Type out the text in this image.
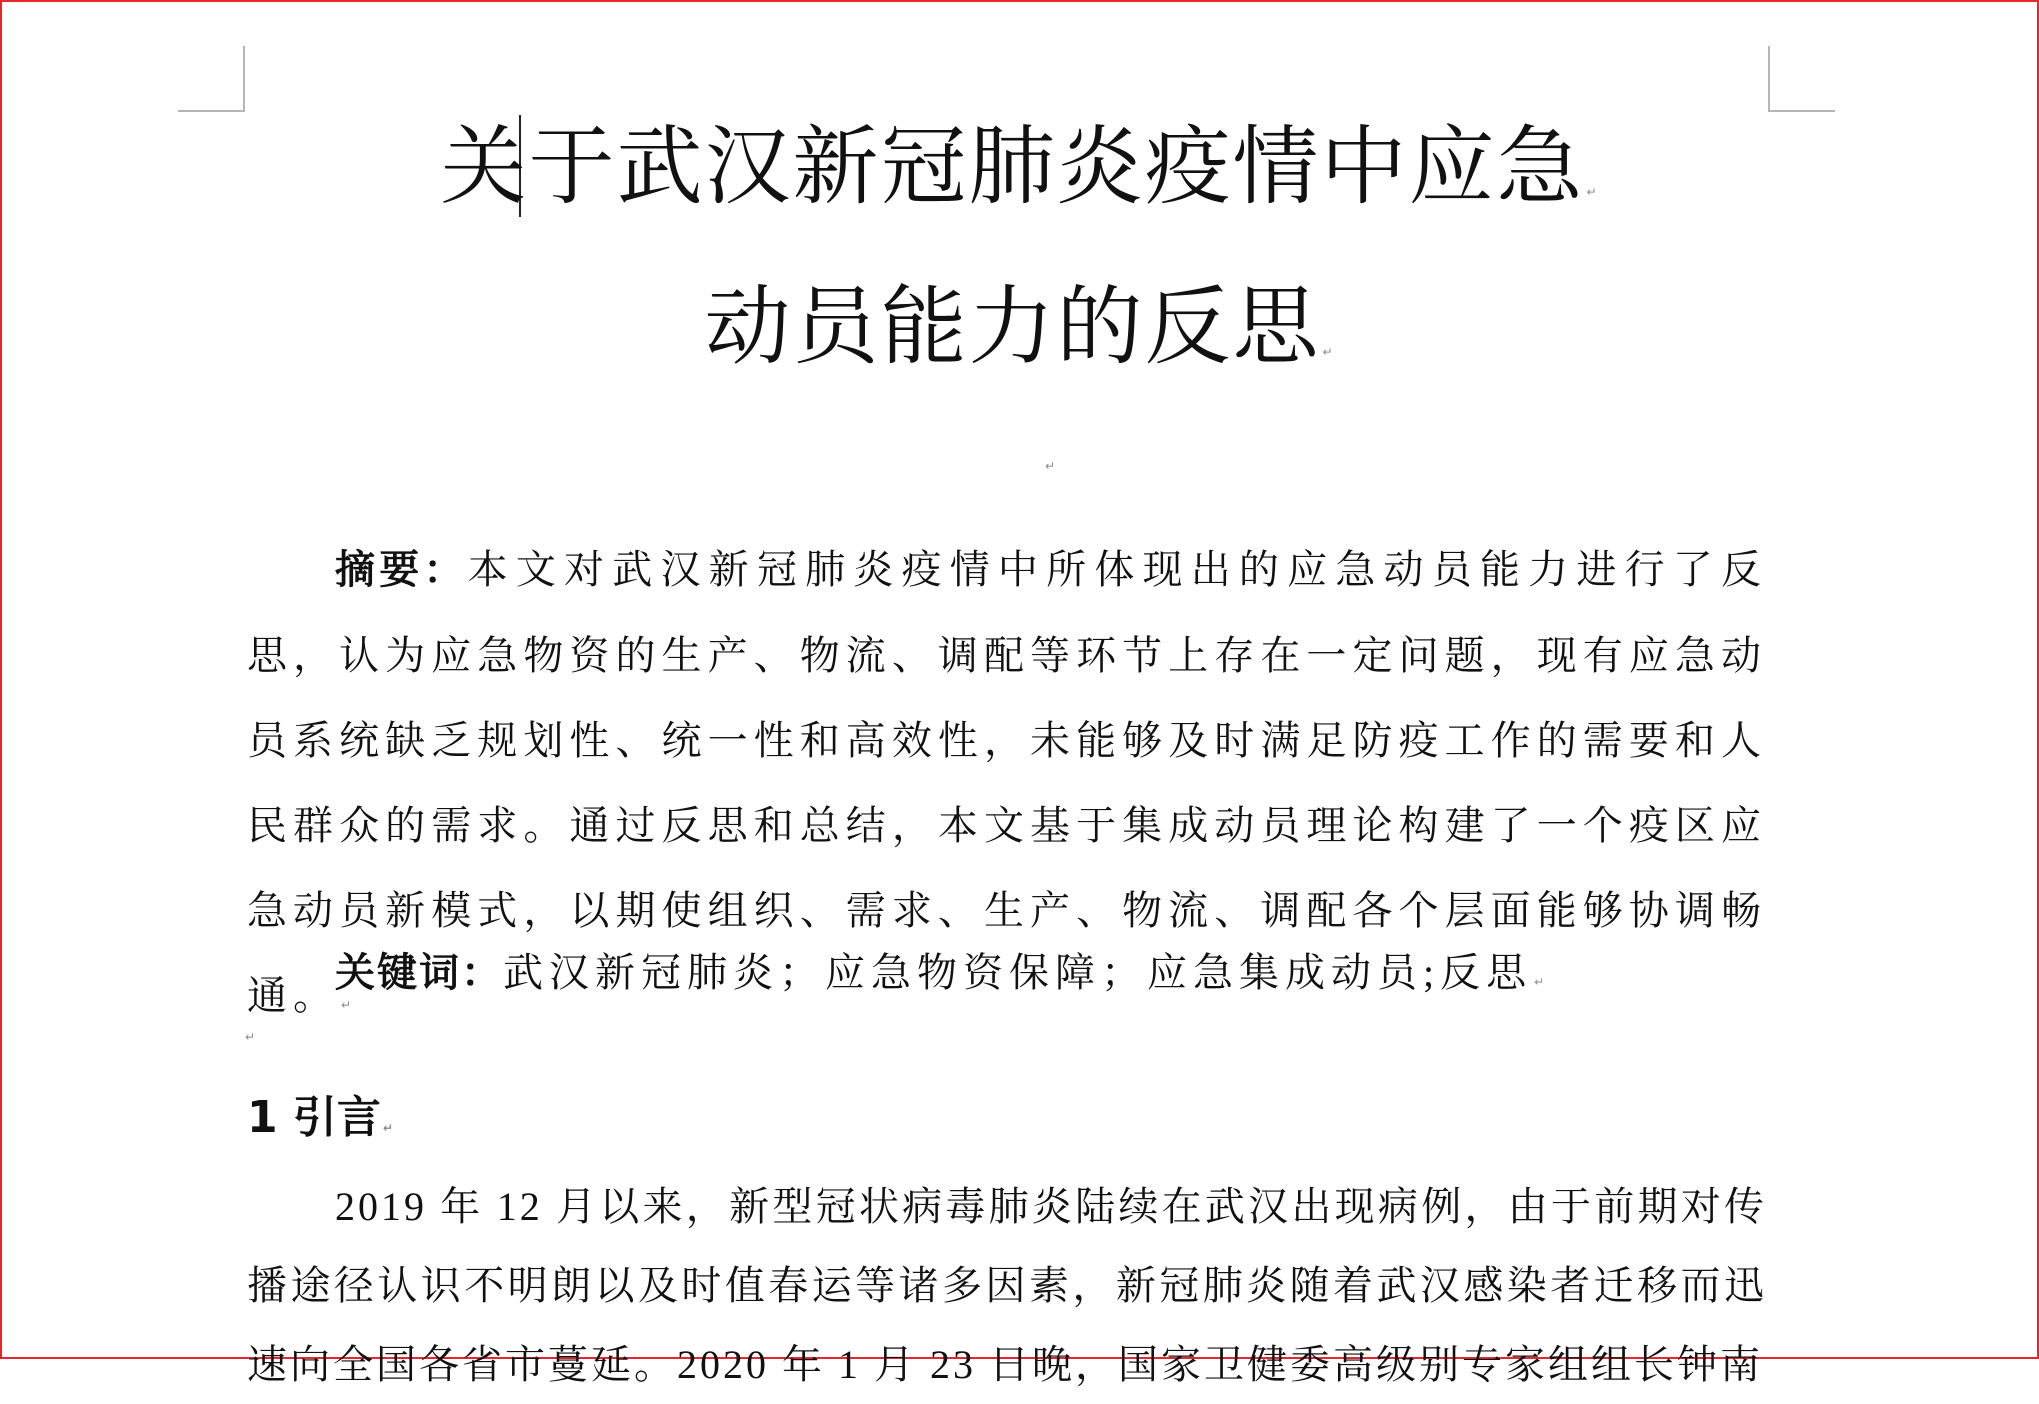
关于武汉新冠肺炎疫情中应急 ↵
动员能力的反思 ↵
↵
摘要：本文对武汉新冠肺炎疫情中所体现出的应急动员能力进行了反思，认为应急物资的生产、物流、调配等环节上存在一定问题，现有应急动员系统缺乏规划性、统一性和高效性，未能够及时满足防疫工作的需要和人民群众的需求。通过反思和总结，本文基于集成动员理论构建了一个疫区应急动员新模式，以期使组织、需求、生产、物流、调配各个层面能够协调畅通。 ↵
关键词：武汉新冠肺炎；应急物资保障；应急集成动员;反思 ↵
↵
1 引言 ↵
2019 年 12 月以来，新型冠状病毒肺炎陆续在武汉出现病例，由于前期对传播途径认识不明朗以及时值春运等诸多因素，新冠肺炎随着武汉感染者迁移而迅速向全国各省市蔓延。2020 年 1 月 23 日晚，国家卫健委高级别专家组组长钟南
